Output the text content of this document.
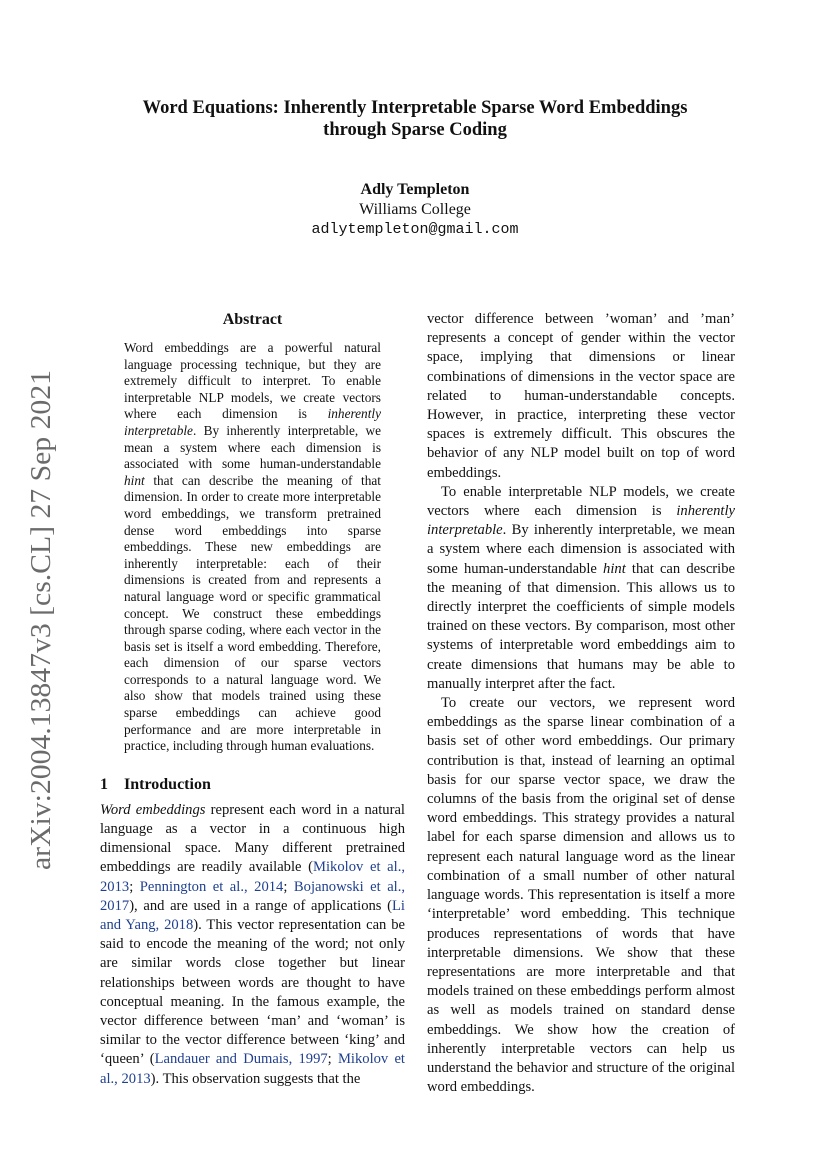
arXiv:2004.13847v3 [cs.CL] 27 Sep 2021
Word Equations: Inherently Interpretable Sparse Word Embeddings
through Sparse Coding
Adly Templeton
Williams College
adlytempleton@gmail.com
Abstract

Word embeddings are a powerful natural language processing technique, but they are extremely difficult to interpret. To enable interpretable NLP models, we create vectors where each dimension is inherently interpretable. By inherently interpretable, we mean a system where each dimension is associated with some human-understandable hint that can describe the meaning of that dimension. In order to create more interpretable word embeddings, we transform pretrained dense word embeddings into sparse embeddings. These new embeddings are inherently interpretable: each of their dimensions is created from and represents a natural language word or specific grammatical concept. We construct these embeddings through sparse coding, where each vector in the basis set is itself a word embedding. Therefore, each dimension of our sparse vectors corresponds to a natural language word. We also show that models trained using these sparse embeddings can achieve good performance and are more interpretable in practice, including through human evaluations.

1 Introduction

Word embeddings represent each word in a natural language as a vector in a continuous high dimensional space. Many different pretrained embeddings are readily available (Mikolov et al., 2013; Pennington et al., 2014; Bojanowski et al., 2017), and are used in a range of applications (Li and Yang, 2018). This vector representation can be said to encode the meaning of the word; not only are similar words close together but linear relationships between words are thought to have conceptual meaning. In the famous example, the vector difference between ‘man’ and ‘woman’ is similar to the vector difference between ‘king’ and ‘queen’ (Landauer and Dumais, 1997; Mikolov et al., 2013). This observation suggests that the

vector difference between ’woman’ and ’man’ represents a concept of gender within the vector space, implying that dimensions or linear combinations of dimensions in the vector space are related to human-understandable concepts. However, in practice, interpreting these vector spaces is extremely difficult. This obscures the behavior of any NLP model built on top of word embeddings.

To enable interpretable NLP models, we create vectors where each dimension is inherently interpretable. By inherently interpretable, we mean a system where each dimension is associated with some human-understandable hint that can describe the meaning of that dimension. This allows us to directly interpret the coefficients of simple models trained on these vectors. By comparison, most other systems of interpretable word embeddings aim to create dimensions that humans may be able to manually interpret after the fact.

To create our vectors, we represent word embeddings as the sparse linear combination of a basis set of other word embeddings. Our primary contribution is that, instead of learning an optimal basis for our sparse vector space, we draw the columns of the basis from the original set of dense word embeddings. This strategy provides a natural label for each sparse dimension and allows us to represent each natural language word as the linear combination of a small number of other natural language words. This representation is itself a more ‘interpretable’ word embedding. This technique produces representations of words that have interpretable dimensions. We show that these representations are more interpretable and that models trained on these embeddings perform almost as well as models trained on standard dense embeddings. We show how the creation of inherently interpretable vectors can help us understand the behavior and structure of the original word embeddings.
